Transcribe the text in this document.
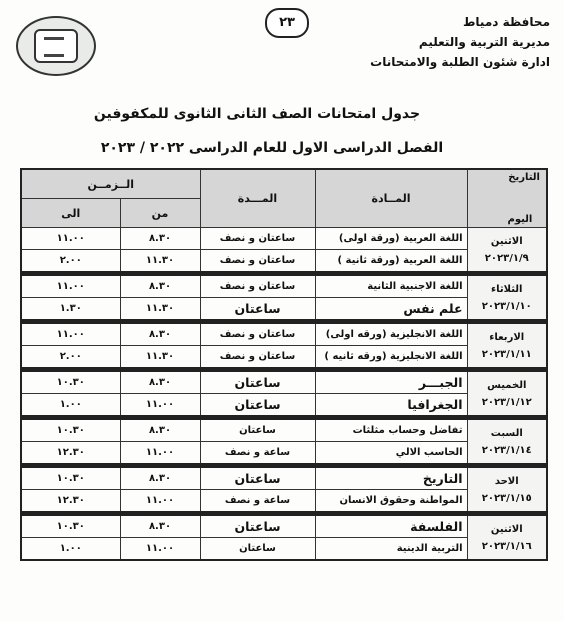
محافظة دمياط
مديرية التربية والتعليم
ادارة شئون الطلبة والامتحانات
٢٣
جدول امتحانات الصف الثانى الثانوى للمكفوفين
الفصل الدراسى الاول للعام الدراسى ٢٠٢٢ / ٢٠٢٣
التاريخ
اليوم	المــادة	المـــدة	الــزمــن	
			من	الى

الاثنين
٢٠٢٣/١/٩	اللغة العربية (ورقة اولى)	ساعتان و نصف	٨.٣٠	١١.٠٠
	اللغة العربية (ورقة ثانية )	ساعتان و نصف	١١.٣٠	٢.٠٠

الثلاثاء
٢٠٢٣/١/١٠	اللغة الاجنبية الثانية	ساعتان و نصف	٨.٣٠	١١.٠٠
	علم نفس	ساعتان	١١.٣٠	١.٣٠

الاربعاء
٢٠٢٣/١/١١	اللغة الانجليزية (ورقه اولى)	ساعتان و نصف	٨.٣٠	١١.٠٠
	اللغة الانجليزية (ورقه ثانيه )	ساعتان و نصف	١١.٣٠	٢.٠٠

الخميس
٢٠٢٣/١/١٢	الجبـــر	ساعتان	٨.٣٠	١٠.٣٠
	الجغرافيا	ساعتان	١١.٠٠	١.٠٠

السبت
٢٠٢٣/١/١٤	تفاضل وحساب مثلثات	ساعتان	٨.٣٠	١٠.٣٠
	الحاسب الالي	ساعة و نصف	١١.٠٠	١٢.٣٠

الاحد
٢٠٢٣/١/١٥	التاريخ	ساعتان	٨.٣٠	١٠.٣٠
	المواطنة وحقوق الانسان	ساعة و نصف	١١.٠٠	١٢.٣٠

الاثنين
٢٠٢٣/١/١٦	الفلسفة	ساعتان	٨.٣٠	١٠.٣٠
	التربية الدينية	ساعتان	١١.٠٠	١.٠٠
